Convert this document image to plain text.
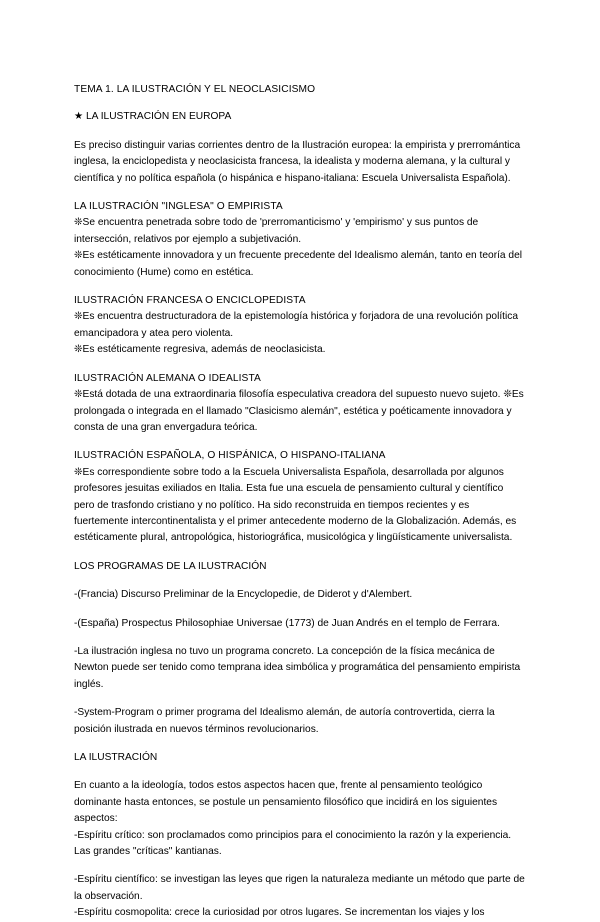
TEMA 1. LA ILUSTRACIÓN Y EL NEOCLASICISMO

★ LA ILUSTRACIÓN EN EUROPA

Es preciso distinguir varias corrientes dentro de la Ilustración europea: la empirista y prerromántica inglesa, la enciclopedista y neoclasicista francesa, la idealista y moderna alemana, y la cultural y científica y no política española (o hispánica e hispano-italiana: Escuela Universalista Española).

LA ILUSTRACIÓN "INGLESA" O EMPIRISTA

❊Se encuentra penetrada sobre todo de 'prerromanticismo' y 'empirismo' y sus puntos de intersección, relativos por ejemplo a subjetivación.

❊Es estéticamente innovadora y un frecuente precedente del Idealismo alemán, tanto en teoría del conocimiento (Hume) como en estética.

ILUSTRACIÓN FRANCESA O ENCICLOPEDISTA

❊Es encuentra destructuradora de la epistemología histórica y forjadora de una revolución política emancipadora y atea pero violenta.

❊Es estéticamente regresiva, además de neoclasicista.

ILUSTRACIÓN ALEMANA O IDEALISTA

❊Está dotada de una extraordinaria filosofía especulativa creadora del supuesto nuevo sujeto. ❊Es prolongada o integrada en el llamado "Clasicismo alemán", estética y poéticamente innovadora y consta de una gran envergadura teórica.

ILUSTRACIÓN ESPAÑOLA, O HISPÁNICA, O HISPANO-ITALIANA

❊Es correspondiente sobre todo a la Escuela Universalista Española, desarrollada por algunos profesores jesuitas exiliados en Italia. Esta fue una escuela de pensamiento cultural y científico pero de trasfondo cristiano y no político. Ha sido reconstruida en tiempos recientes y es fuertemente intercontinentalista y el primer antecedente moderno de la Globalización. Además, es estéticamente plural, antropológica, historiográfica, musicológica y lingüísticamente universalista.

LOS PROGRAMAS DE LA ILUSTRACIÓN

-(Francia) Discurso Preliminar de la Encyclopedie, de Diderot y d'Alembert.

-(España) Prospectus Philosophiae Universae (1773) de Juan Andrés en el templo de Ferrara.

-La ilustración inglesa no tuvo un programa concreto. La concepción de la física mecánica de Newton puede ser tenido como temprana idea simbólica y programática del pensamiento empirista inglés.

-System-Program o primer programa del Idealismo alemán, de autoría controvertida, cierra la posición ilustrada en nuevos términos revolucionarios.

LA ILUSTRACIÓN

En cuanto a la ideología, todos estos aspectos hacen que, frente al pensamiento teológico dominante hasta entonces, se postule un pensamiento filosófico que incidirá en los siguientes aspectos:

-Espíritu crítico: son proclamados como principios para el conocimiento la razón y la experiencia. Las grandes "críticas" kantianas.

-Espíritu científico: se investigan las leyes que rigen la naturaleza mediante un método que parte de la observación.

-Espíritu cosmopolita: crece la curiosidad por otros lugares. Se incrementan los viajes y los
